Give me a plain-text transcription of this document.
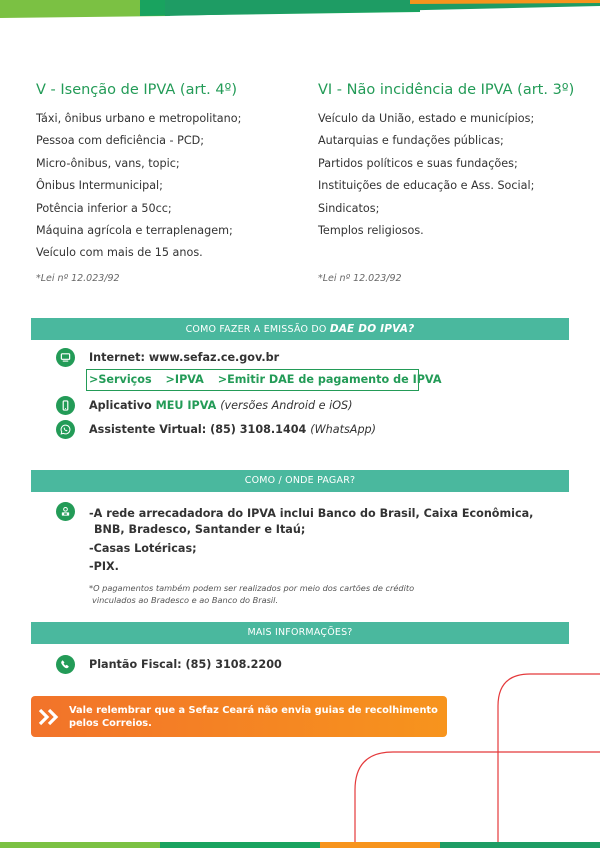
V - Isenção de IPVA (art. 4º)
Táxi, ônibus urbano e metropolitano;
Pessoa com deficiência - PCD;
Micro-ônibus, vans, topic;
Ônibus Intermunicipal;
Potência inferior a 50cc;
Máquina agrícola e terraplenagem;
Veículo com mais de 15 anos.
*Lei nº 12.023/92
VI - Não incidência de IPVA (art. 3º)
Veículo da União, estado e municípios;
Autarquias e fundações públicas;
Partidos políticos e suas fundações;
Instituições de educação e Ass. Social;
Sindicatos;
Templos religiosos.
*Lei nº 12.023/92
COMO FAZER A EMISSÃO DO DAE DO IPVA?
Internet: www.sefaz.ce.gov.br
>Serviços >IPVA >Emitir DAE de pagamento de IPVA
Aplicativo MEU IPVA (versões Android e iOS)
Assistente Virtual: (85) 3108.1404 (WhatsApp)
COMO / ONDE PAGAR?
-A rede arrecadadora do IPVA inclui Banco do Brasil, Caixa Econômica,
BNB, Bradesco, Santander e Itaú;
-Casas Lotéricas;
-PIX.
*O pagamentos também podem ser realizados por meio dos cartões de crédito
vinculados ao Bradesco e ao Banco do Brasil.
MAIS INFORMAÇÕES?
Plantão Fiscal: (85) 3108.2200
Vale relembrar que a Sefaz Ceará não envia guias de recolhimento pelos Correios.
